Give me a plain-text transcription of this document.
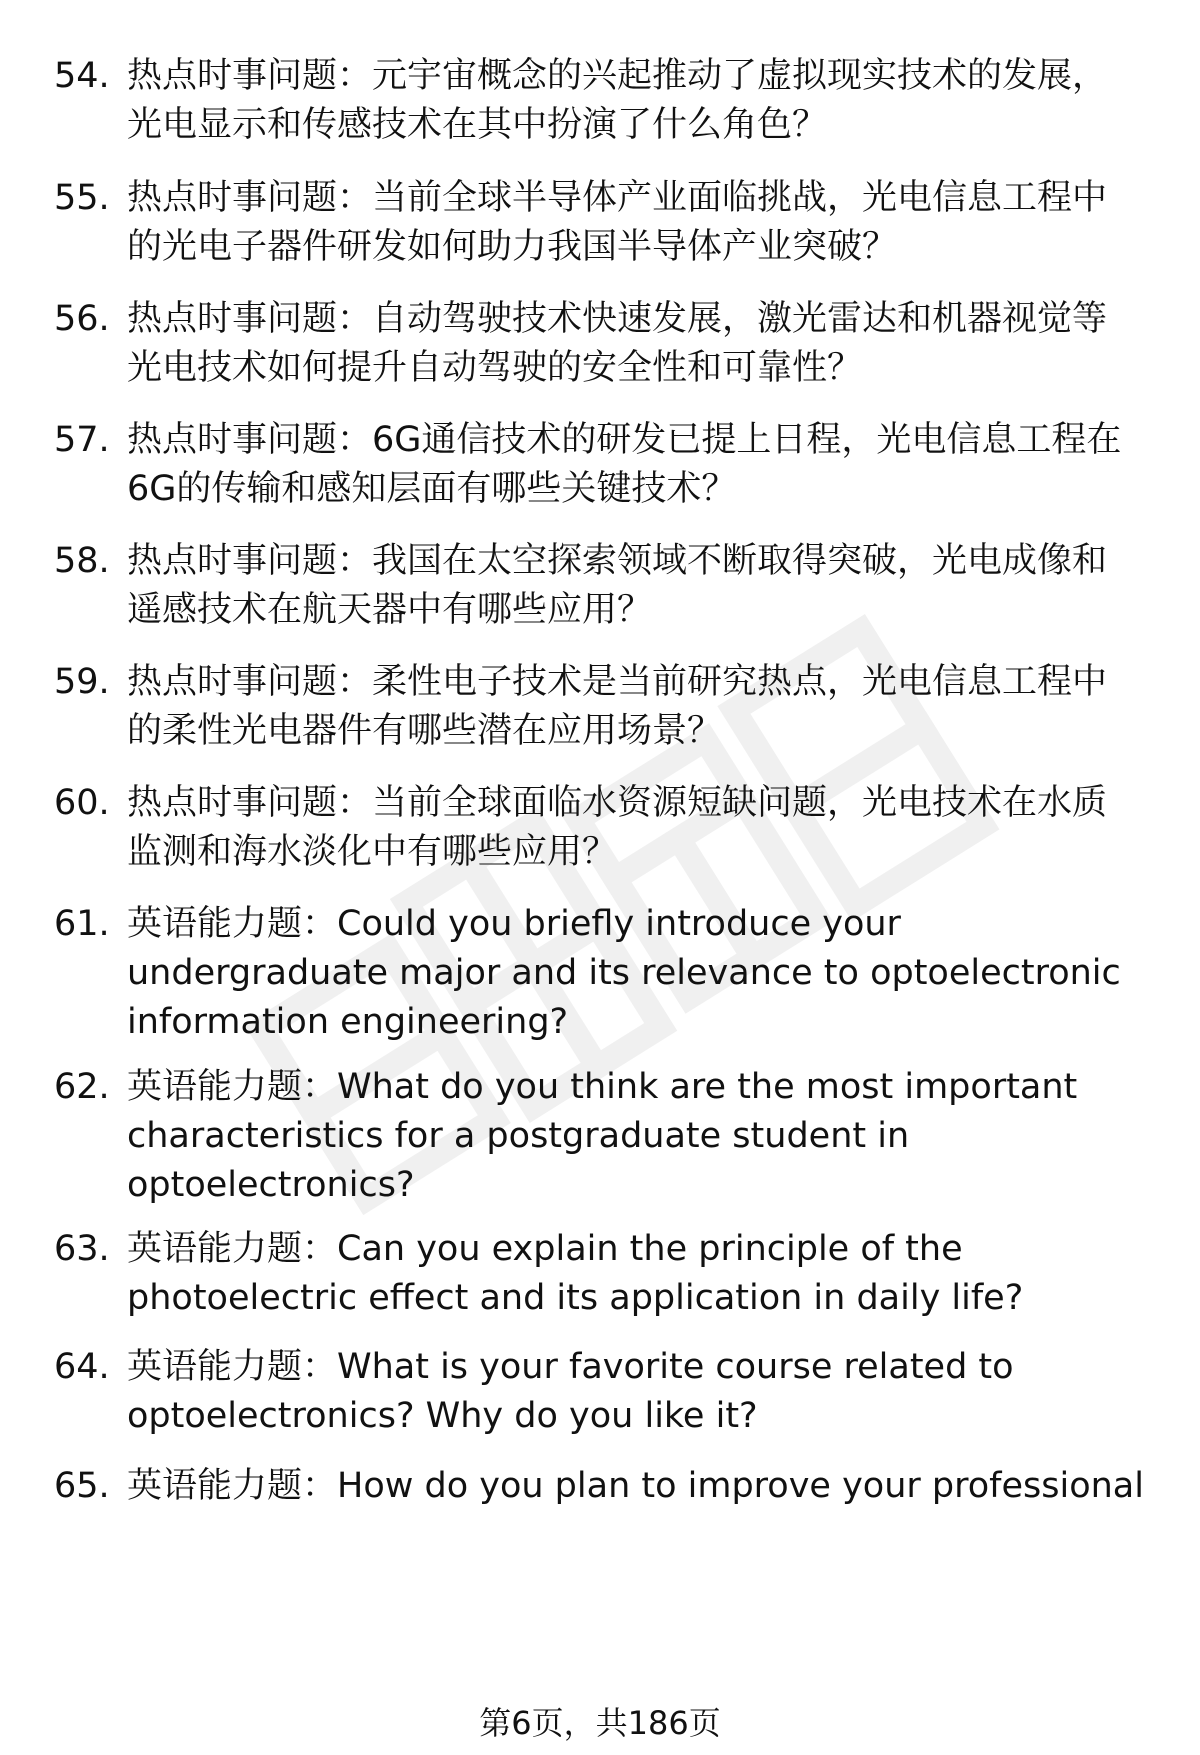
54. 热点时事问题：元宇宙概念的兴起推动了虚拟现实技术的发展，
光电显示和传感技术在其中扮演了什么角色？
55. 热点时事问题：当前全球半导体产业面临挑战，光电信息工程中
的光电子器件研发如何助力我国半导体产业突破？
56. 热点时事问题：自动驾驶技术快速发展，激光雷达和机器视觉等
光电技术如何提升自动驾驶的安全性和可靠性？
57. 热点时事问题：6G通信技术的研发已提上日程，光电信息工程在
6G的传输和感知层面有哪些关键技术？
58. 热点时事问题：我国在太空探索领域不断取得突破，光电成像和
遥感技术在航天器中有哪些应用？
59. 热点时事问题：柔性电子技术是当前研究热点，光电信息工程中
的柔性光电器件有哪些潜在应用场景？
60. 热点时事问题：当前全球面临水资源短缺问题，光电技术在水质
监测和海水淡化中有哪些应用？
61. 英语能力题：Could you briefly introduce your
undergraduate major and its relevance to optoelectronic
information engineering?
62. 英语能力题：What do you think are the most important
characteristics for a postgraduate student in
optoelectronics?
63. 英语能力题：Can you explain the principle of the
photoelectric effect and its application in daily life?
64. 英语能力题：What is your favorite course related to
optoelectronics? Why do you like it?
65. 英语能力题：How do you plan to improve your professional
第6页，共186页
